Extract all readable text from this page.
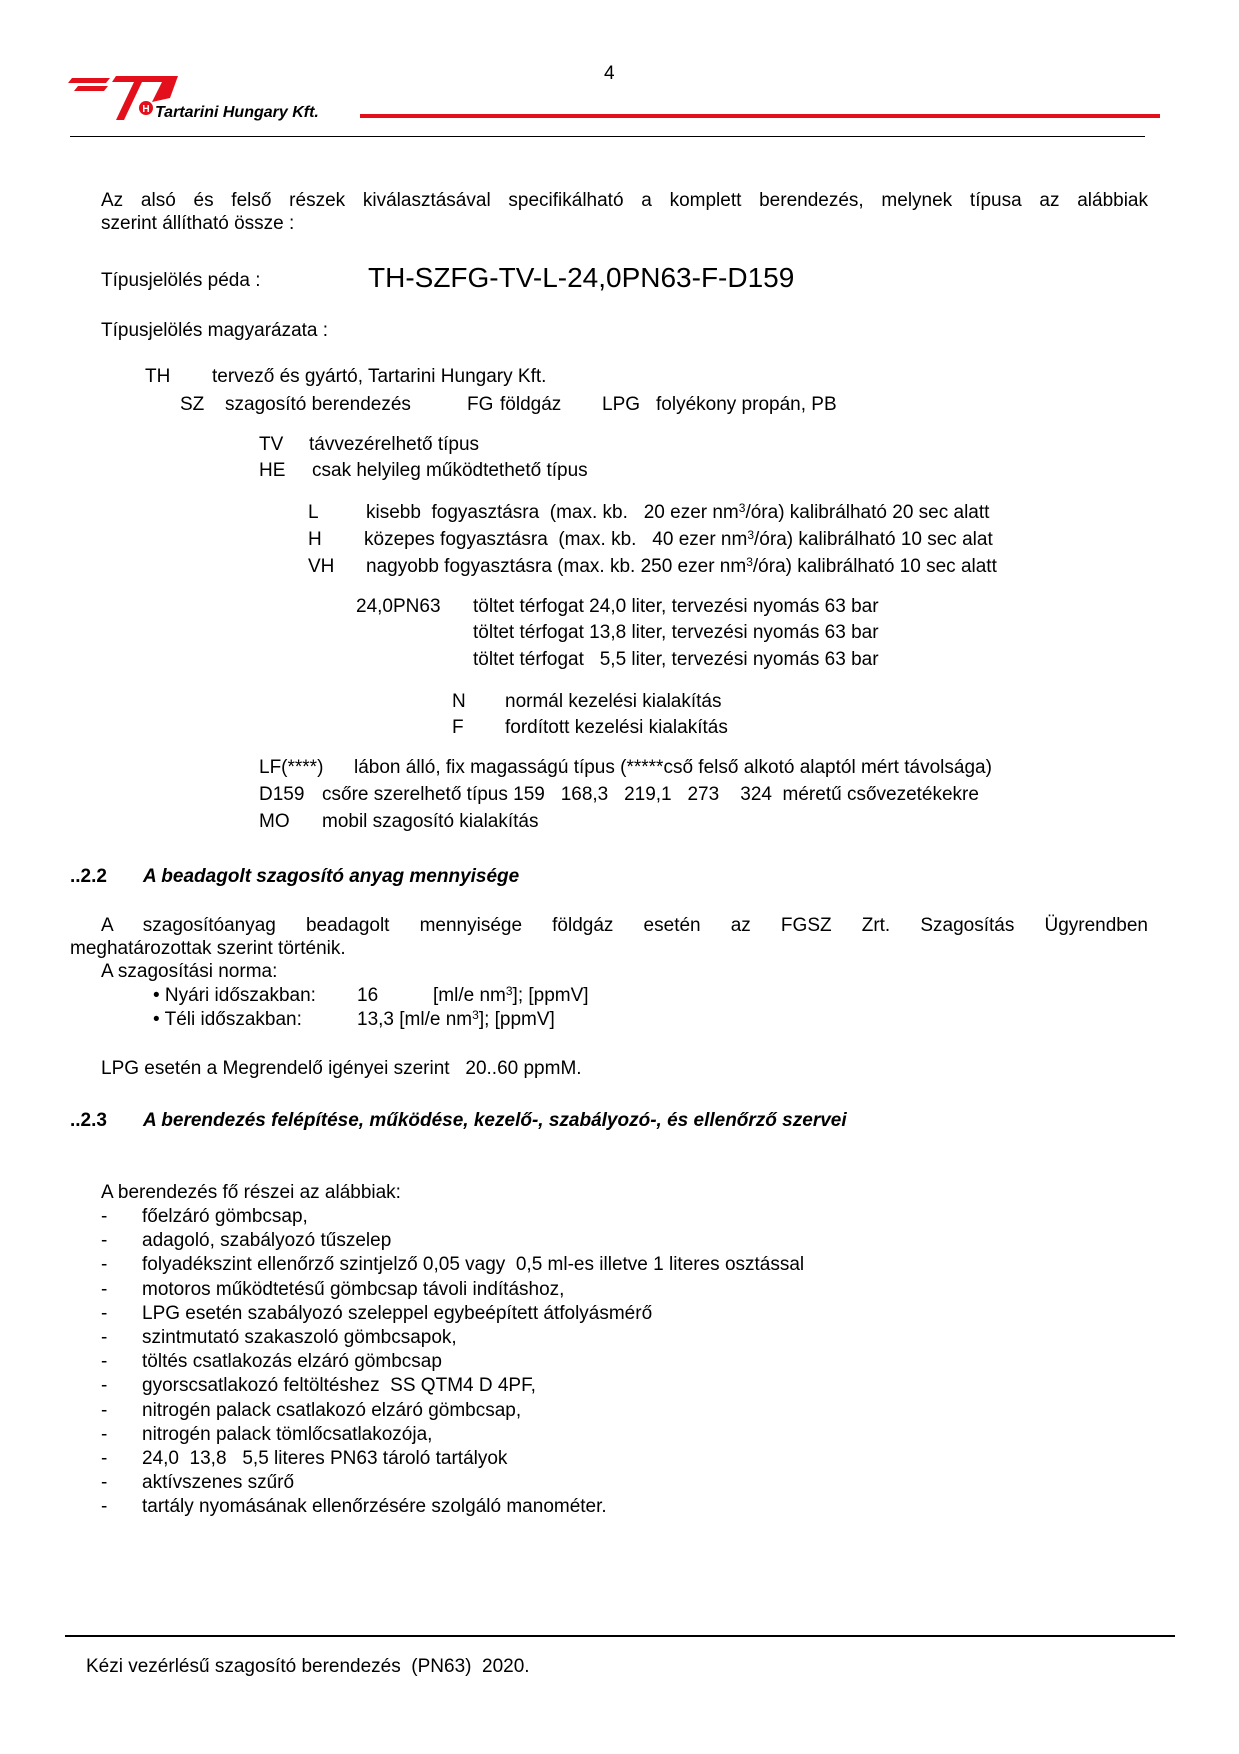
4
H Tartarini Hungary Kft.
Az alsó és felső részek kiválasztásával specifikálható a komplett berendezés, melynek típusa az alábbiak
szerint állítható össze :
Típusjelölés péda :	TH-SZFG-TV-L-24,0PN63-F-D159
Típusjelölés magyarázata :
TH tervező és gyártó, Tartarini Hungary Kft.
SZ szagosító berendezés	FG földgáz LPG folyékony propán, PB
TV távvezérelhető típus
HE csak helyileg működtethető típus
L kisebb  fogyasztásra  (max. kb.   20 ezer $nm^3/óra$) kalibrálható 20 sec alatt
H közepes fogyasztásra  (max. kb.   40 ezer $nm^3/óra$) kalibrálható 10 sec alat
VH nagyobb fogyasztásra (max. kb. 250 ezer $nm^3/óra$) kalibrálható 10 sec alatt
24,0PN63 töltet térfogat 24,0 liter, tervezési nyomás 63 bar
töltet térfogat 13,8 liter, tervezési nyomás 63 bar
töltet térfogat   5,5 liter, tervezési nyomás 63 bar
N normál kezelési kialakítás
F fordított kezelési kialakítás
LF(****) lábon álló, fix magasságú típus (*****cső felső alkotó alaptól mért távolsága)
D159 csőre szerelhető típus 159   168,3   219,1   273    324  méretű csővezetékekre
MO mobil szagosító kialakítás
..2.2 A beadagolt szagosító anyag mennyisége
A szagosítóanyag beadagolt mennyisége földgáz esetén az FGSZ Zrt. Szagosítás Ügyrendben
meghatározottak szerint történik.
A szagosítási norma:
• Nyári időszakban: 16	[ml/e $nm^3$]; [ppmV]
• Téli időszakban:	13,3 [ml/e $nm^3$]; [ppmV]
LPG esetén a Megrendelő igényei szerint   20..60 ppmM.
..2.3 A berendezés felépítése, működése, kezelő-, szabályozó-, és ellenőrző szervei
A berendezés fő részei az alábbiak:
- főelzáró gömbcsap,
- adagoló, szabályozó tűszelep
- folyadékszint ellenőrző szintjelző 0,05 vagy  0,5 ml-es illetve 1 literes osztással
- motoros működtetésű gömbcsap távoli indításhoz,
- LPG esetén szabályozó szeleppel egybeépített átfolyásmérő
- szintmutató szakaszoló gömbcsapok,
- töltés csatlakozás elzáró gömbcsap
- gyorscsatlakozó feltöltéshez  SS QTM4 D 4PF,
- nitrogén palack csatlakozó elzáró gömbcsap,
- nitrogén palack tömlőcsatlakozója,
- 24,0  13,8   5,5 literes PN63 tároló tartályok
- aktívszenes szűrő
- tartály nyomásának ellenőrzésére szolgáló manométer.
Kézi vezérlésű szagosító berendezés  (PN63)  2020.
